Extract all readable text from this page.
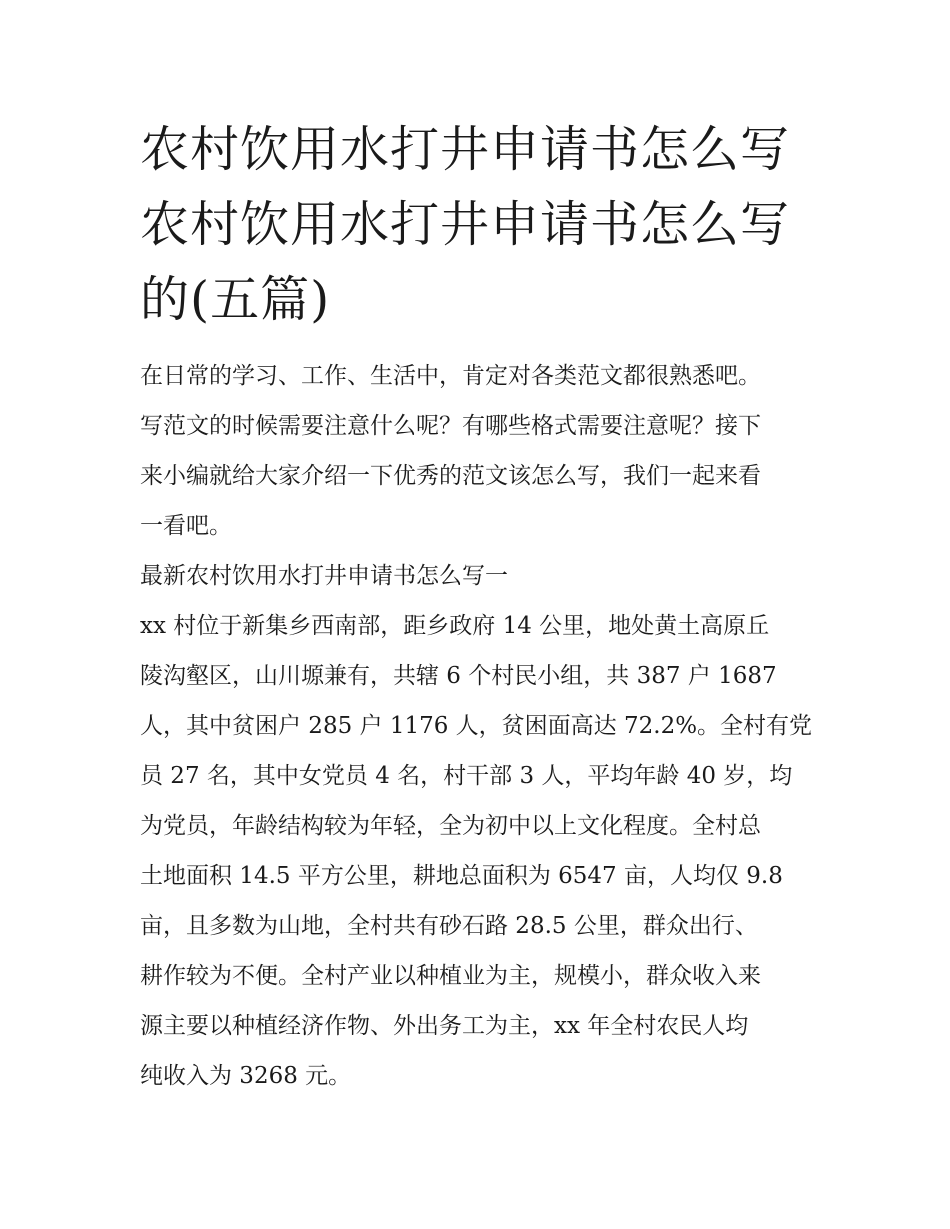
农村饮用水打井申请书怎么写
农村饮用水打井申请书怎么写
的(五篇)

在日常的学习、工作、生活中，肯定对各类范文都很熟悉吧。
写范文的时候需要注意什么呢？有哪些格式需要注意呢？接下
来小编就给大家介绍一下优秀的范文该怎么写，我们一起来看
一看吧。

最新农村饮用水打井申请书怎么写一

xx 村位于新集乡西南部，距乡政府 14 公里，地处黄土高原丘
陵沟壑区，山川塬兼有，共辖 6 个村民小组，共 387 户 1687
人，其中贫困户 285 户 1176 人，贫困面高达 72.2%。全村有党
员 27 名，其中女党员 4 名，村干部 3 人，平均年龄 40 岁，均
为党员，年龄结构较为年轻，全为初中以上文化程度。全村总
土地面积 14.5 平方公里，耕地总面积为 6547 亩，人均仅 9.8
亩，且多数为山地，全村共有砂石路 28.5 公里，群众出行、
耕作较为不便。全村产业以种植业为主，规模小，群众收入来
源主要以种植经济作物、外出务工为主，xx 年全村农民人均
纯收入为 3268 元。
